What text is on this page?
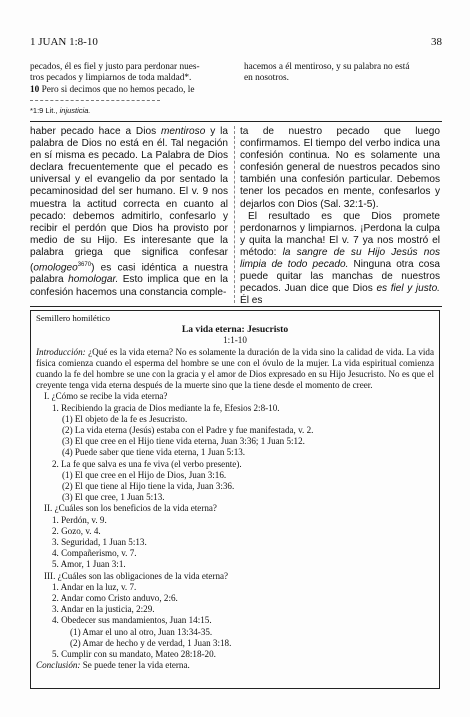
1 JUAN 1:8-10	38
pecados, él es fiel y justo para perdonar nues-
tros pecados y limpiarnos de toda maldad*.
10 Pero si decimos que no hemos pecado, le
hacemos a él mentiroso, y su palabra no está
en nosotros.
*1:9 Lit., injusticia.

haber pecado hace a Dios mentiroso y la palabra de Dios no está en él. Tal negación en sí misma es pecado. La Palabra de Dios declara frecuentemente que el pecado es universal y el evangelio da por sentado la pecaminosidad del ser humano. El v. 9 nos muestra la actitud correcta en cuanto al pecado: debemos admitirlo, confesarlo y recibir el perdón que Dios ha provisto por medio de su Hijo. Es interesante que la palabra griega que significa confesar (omologeo$^{3670}$) es casi idéntica a nuestra palabra homologar. Esto implica que en la confesión hacemos una constancia comple-

ta de nuestro pecado que luego confirmamos. El tiempo del verbo indica una confesión continua. No es solamente una confesión general de nuestros pecados sino también una confesión particular. Debemos tener los pecados en mente, confesarlos y dejarlos con Dios (Sal. 32:1-5).

El resultado es que Dios promete perdonarnos y limpiarnos. ¡Perdona la culpa y quita la mancha! El v. 7 ya nos mostró el método: la sangre de su Hijo Jesús nos limpia de todo pecado. Ninguna otra cosa puede quitar las manchas de nuestros pecados. Juan dice que Dios es fiel y justo. Él es

Semillero homilético
La vida eterna: Jesucristo
1:1-10
Introducción: ¿Qué es la vida eterna? No es solamente la duración de la vida sino la calidad de vida. La vida física comienza cuando el esperma del hombre se une con el óvulo de la mujer. La vida espiritual comienza cuando la fe del hombre se une con la gracia y el amor de Dios expresado en su Hijo Jesucristo. No es que el creyente tenga vida eterna después de la muerte sino que la tiene desde el momento de creer.
I. ¿Cómo se recibe la vida eterna?
1. Recibiendo la gracia de Dios mediante la fe, Efesios 2:8-10.
(1) El objeto de la fe es Jesucristo.
(2) La vida eterna (Jesús) estaba con el Padre y fue manifestada, v. 2.
(3) El que cree en el Hijo tiene vida eterna, Juan 3:36; 1 Juan 5:12.
(4) Puede saber que tiene vida eterna, 1 Juan 5:13.
2. La fe que salva es una fe viva (el verbo presente).
(1) El que cree en el Hijo de Dios, Juan 3:16.
(2) El que tiene al Hijo tiene la vida, Juan 3:36.
(3) El que cree, 1 Juan 5:13.
II. ¿Cuáles son los beneficios de la vida eterna?
1. Perdón, v. 9.
2. Gozo, v. 4.
3. Seguridad, 1 Juan 5:13.
4. Compañerismo, v. 7.
5. Amor, 1 Juan 3:1.
III. ¿Cuáles son las obligaciones de la vida eterna?
1. Andar en la luz, v. 7.
2. Andar como Cristo anduvo, 2:6.
3. Andar en la justicia, 2:29.
4. Obedecer sus mandamientos, Juan 14:15.
(1) Amar el uno al otro, Juan 13:34-35.
(2) Amar de hecho y de verdad, 1 Juan 3:18.
5. Cumplir con su mandato, Mateo 28:18-20.
Conclusión: Se puede tener la vida eterna.
